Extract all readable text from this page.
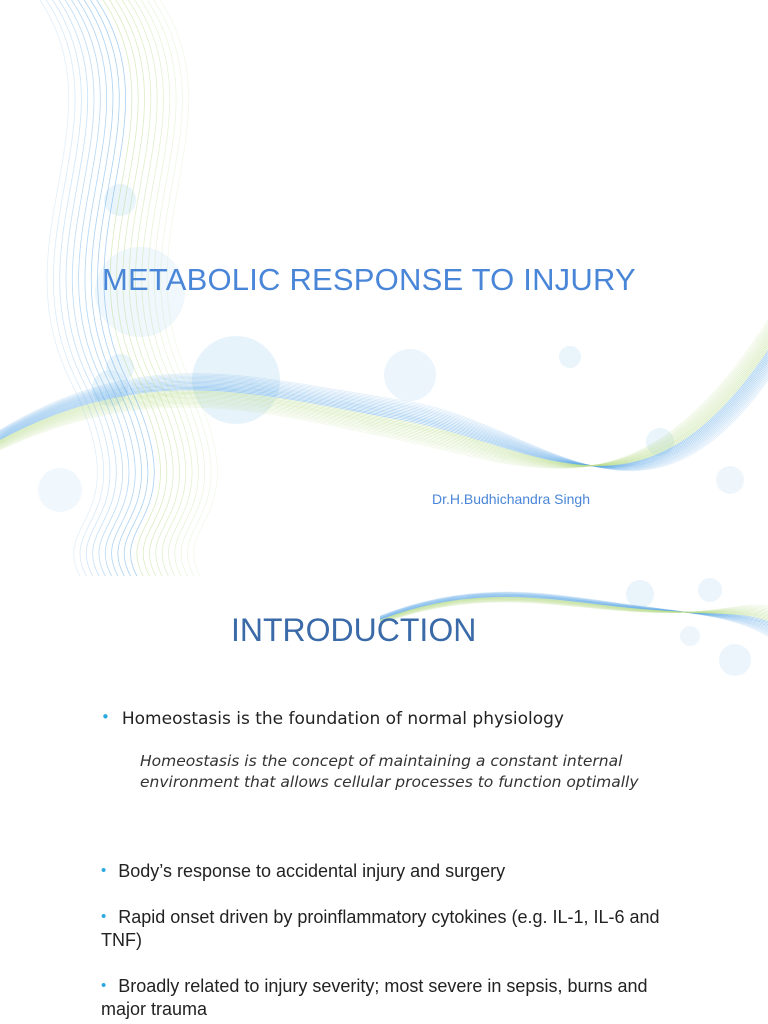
METABOLIC RESPONSE TO INJURY
Dr.H.Budhichandra Singh
INTRODUCTION
• Homeostasis is the foundation of normal physiology
Homeostasis is the concept of maintaining a constant internal environment that allows cellular processes to function optimally
• Body’s response to accidental injury and surgery
• Rapid onset driven by proinflammatory cytokines (e.g. IL-1, IL-6 and TNF)
• Broadly related to injury severity; most severe in sepsis, burns and major trauma
